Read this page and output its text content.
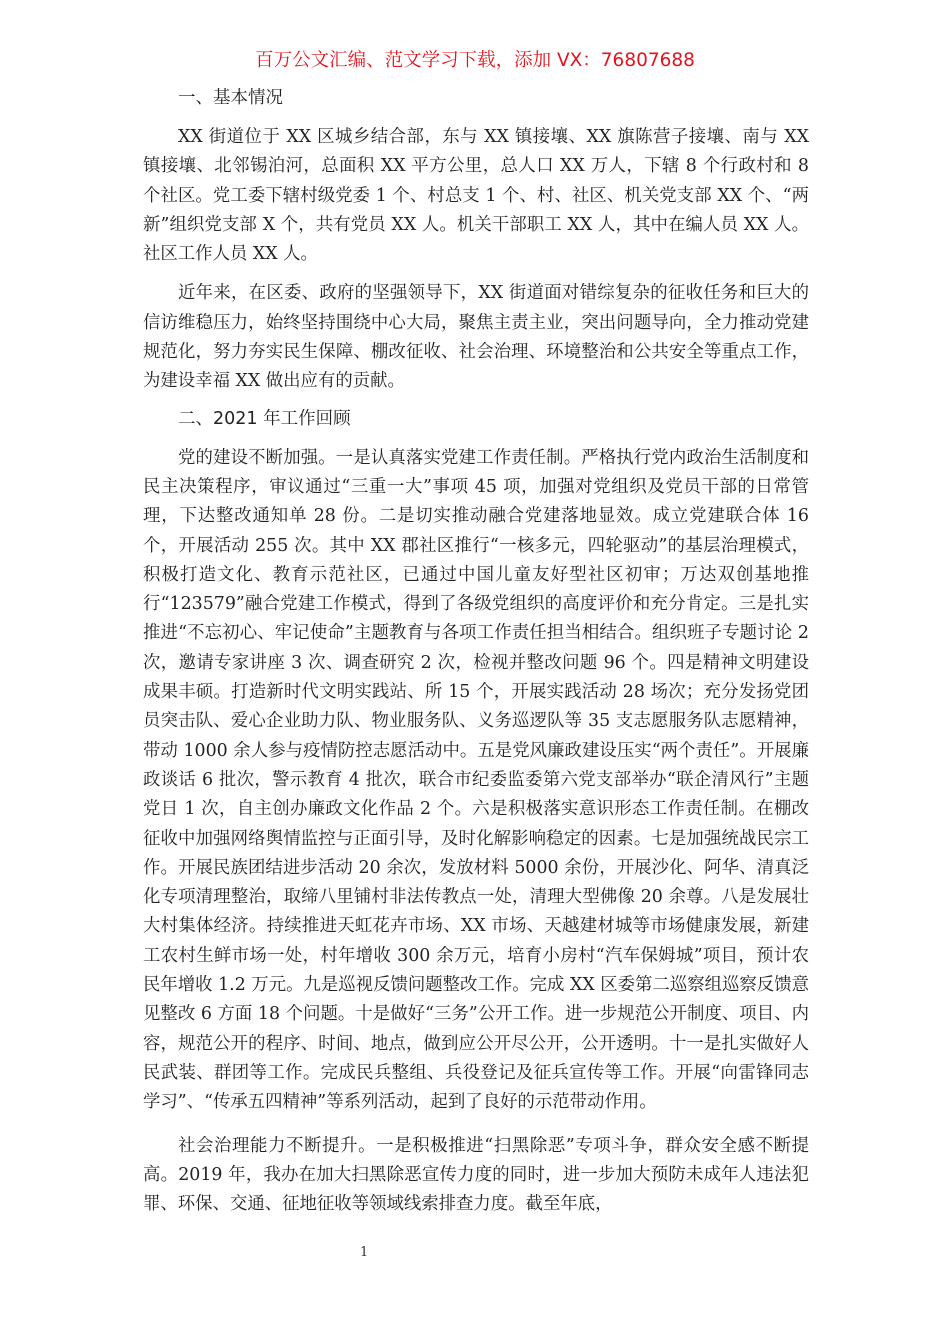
百万公文汇编、范文学习下载，添加 VX：76807688
一、基本情况

XX 街道位于 XX 区城乡结合部，东与 XX 镇接壤、XX 旗陈营子接壤、南与 XX 镇接壤、北邻锡泊河，总面积 XX 平方公里，总人口 XX 万人，下辖 8 个行政村和 8 个社区。党工委下辖村级党委 1 个、村总支 1 个、村、社区、机关党支部 XX 个、“两新”组织党支部 X 个，共有党员 XX 人。机关干部职工 XX 人，其中在编人员 XX 人。社区工作人员 XX 人。

近年来，在区委、政府的坚强领导下，XX 街道面对错综复杂的征收任务和巨大的信访维稳压力，始终坚持围绕中心大局，聚焦主责主业，突出问题导向，全力推动党建规范化，努力夯实民生保障、棚改征收、社会治理、环境整治和公共安全等重点工作，为建设幸福 XX 做出应有的贡献。

二、2021 年工作回顾

党的建设不断加强。一是认真落实党建工作责任制。严格执行党内政治生活制度和民主决策程序，审议通过“三重一大”事项 45 项，加强对党组织及党员干部的日常管理，下达整改通知单 28 份。二是切实推动融合党建落地显效。成立党建联合体 16 个，开展活动 255 次。其中 XX 郡社区推行“一核多元，四轮驱动”的基层治理模式，积极打造文化、教育示范社区，已通过中国儿童友好型社区初审；万达双创基地推行“123579”融合党建工作模式，得到了各级党组织的高度评价和充分肯定。三是扎实推进“不忘初心、牢记使命”主题教育与各项工作责任担当相结合。组织班子专题讨论 2 次，邀请专家讲座 3 次、调查研究 2 次，检视并整改问题 96 个。四是精神文明建设成果丰硕。打造新时代文明实践站、所 15 个，开展实践活动 28 场次；充分发扬党团员突击队、爱心企业助力队、物业服务队、义务巡逻队等 35 支志愿服务队志愿精神，带动 1000 余人参与疫情防控志愿活动中。五是党风廉政建设压实“两个责任”。开展廉政谈话 6 批次，警示教育 4 批次，联合市纪委监委第六党支部举办“联企清风行”主题党日 1 次，自主创办廉政文化作品 2 个。六是积极落实意识形态工作责任制。在棚改征收中加强网络舆情监控与正面引导，及时化解影响稳定的因素。七是加强统战民宗工作。开展民族团结进步活动 20 余次，发放材料 5000 余份，开展沙化、阿华、清真泛化专项清理整治，取缔八里铺村非法传教点一处，清理大型佛像 20 余尊。八是发展壮大村集体经济。持续推进天虹花卉市场、XX 市场、天越建材城等市场健康发展，新建工农村生鲜市场一处，村年增收 300 余万元，培育小房村“汽车保姆城”项目，预计农民年增收 1.2 万元。九是巡视反馈问题整改工作。完成 XX 区委第二巡察组巡察反馈意见整改 6 方面 18 个问题。十是做好“三务”公开工作。进一步规范公开制度、项目、内容，规范公开的程序、时间、地点，做到应公开尽公开，公开透明。十一是扎实做好人民武装、群团等工作。完成民兵整组、兵役登记及征兵宣传等工作。开展“向雷锋同志学习”、“传承五四精神”等系列活动，起到了良好的示范带动作用。

社会治理能力不断提升。一是积极推进“扫黑除恶”专项斗争，群众安全感不断提高。2019 年，我办在加大扫黑除恶宣传力度的同时，进一步加大预防未成年人违法犯罪、环保、交通、征地征收等领域线索排查力度。截至年底，

1
